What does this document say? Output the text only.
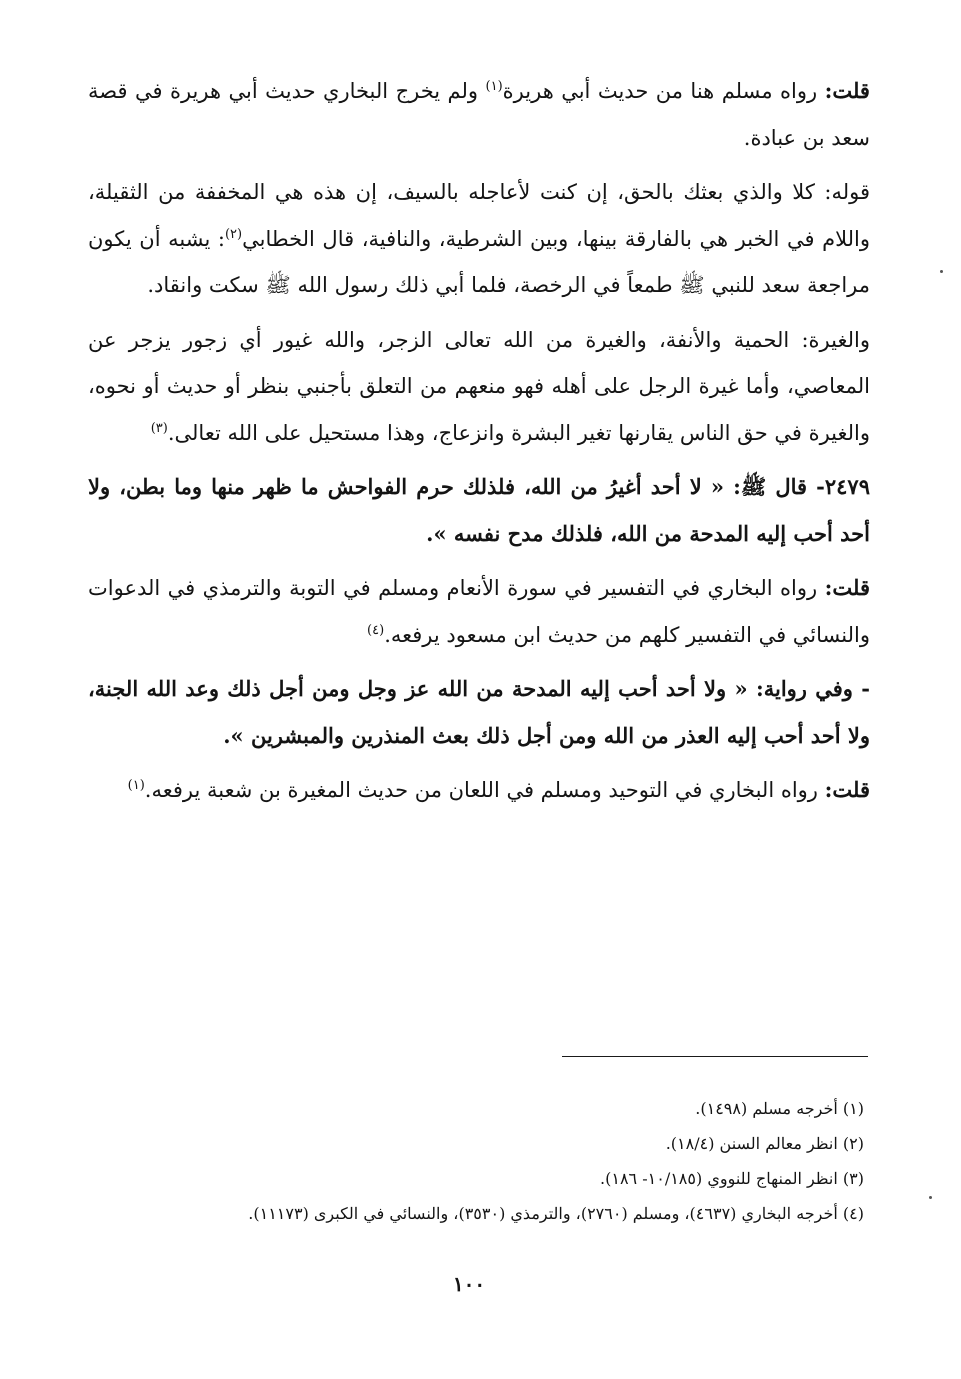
قلت: رواه مسلم هنا من حديث أبي هريرة$^{(١)}$ ولم يخرج البخاري حديث أبي هريرة في قصة سعد بن عبادة.

قوله: كلا والذي بعثك بالحق، إن كنت لأعاجله بالسيف، إن هذه هي المخففة من الثقيلة، واللام في الخبر هي بالفارقة بينها، وبين الشرطية، والنافية، قال الخطابي$^{(٢)}$: يشبه أن يكون مراجعة سعد للنبي ﷺ طمعاً في الرخصة، فلما أبي ذلك رسول الله ﷺ سكت وانقاد.

والغيرة: الحمية والأنفة، والغيرة من الله تعالى الزجر، والله غيور أي زجور يزجر عن المعاصي، وأما غيرة الرجل على أهله فهو منعهم من التعلق بأجنبي بنظر أو حديث أو نحوه، والغيرة في حق الناس يقارنها تغير البشرة وانزعاج، وهذا مستحيل على الله تعالى.$^{(٣)}$

٢٤٧٩- قال ﷺ: « لا أحد أغيرُ من الله، فلذلك حرم الفواحش ما ظهر منها وما بطن، ولا أحد أحب إليه المدحة من الله، فلذلك مدح نفسه ».

قلت: رواه البخاري في التفسير في سورة الأنعام ومسلم في التوبة والترمذي في الدعوات والنسائي في التفسير كلهم من حديث ابن مسعود يرفعه.$^{(٤)}$

- وفي رواية: « ولا أحد أحب إليه المدحة من الله عز وجل ومن أجل ذلك وعد الله الجنة، ولا أحد أحب إليه العذر من الله ومن أجل ذلك بعث المنذرين والمبشرين ».

قلت: رواه البخاري في التوحيد ومسلم في اللعان من حديث المغيرة بن شعبة يرفعه.$^{(١)}$

(١) أخرجه مسلم (١٤٩٨).

(٢) انظر معالم السنن (١٨/٤).

(٣) انظر المنهاج للنووي (١٠/١٨٥- ١٨٦).

(٤) أخرجه البخاري (٤٦٣٧)، ومسلم (٢٧٦٠)، والترمذي (٣٥٣٠)، والنسائي في الكبرى (١١١٧٣).

١٠٠
